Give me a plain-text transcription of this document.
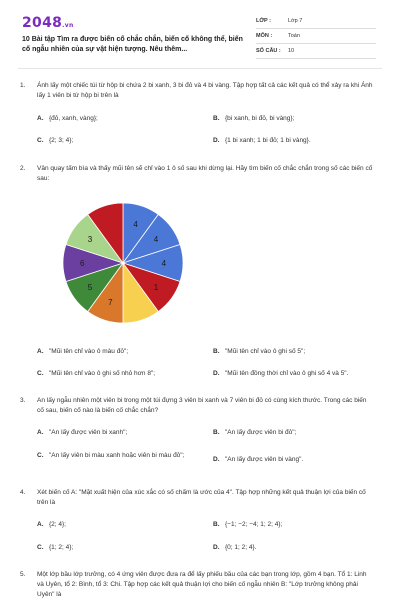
2048.vn
10 Bài tập Tìm ra được biến cố chắc chắn, biến cố không thể, biến cố ngẫu nhiên của sự vật hiện tượng. Nêu thêm...
LỚP :	Lớp 7
MÔN :	Toán
SỐ CÂU :	10
1.	Ánh lấy một chiếc túi từ hộp bi chứa 2 bi xanh, 3 bi đỏ và 4 bi vàng. Tập hợp tất cả các kết quả có thể xảy ra khi Ánh lấy 1 viên bi từ hộp bi trên là
A. {đỏ, xanh, vàng};	B. {bi xanh, bi đỏ, bi vàng};
C. {2; 3; 4};	D. {1 bi xanh; 1 bi đỏ; 1 bi vàng}.
2.	Vân quay tấm bìa và thấy mũi tên sẽ chỉ vào 1 ô số sau khi dừng lại. Hãy tìm biến cố chắc chắn trong số các biến cố sau:
4
4
4
1
7
5
6
3
A. "Mũi tên chỉ vào ô màu đỏ";	B. "Mũi tên chỉ vào ô ghi số 5";
C. "Mũi tên chỉ vào ô ghi số nhỏ hơn 8";	D. "Mũi tên đồng thời chỉ vào ô ghi số 4 và 5".
3.	An lấy ngẫu nhiên một viên bi trong một túi đựng 3 viên bi xanh và 7 viên bi đỏ có cùng kích thước. Trong các biến cố sau, biến cố nào là biến cố chắc chắn?
A. "An lấy được viên bi xanh";	B. "An lấy được viên bi đỏ";
C. "An lấy viên bi màu xanh hoặc viên bi màu đỏ";
D. "An lấy được viên bi vàng".
4.	Xét biến cố A: "Mặt xuất hiện của xúc xắc có số chấm là ước của 4". Tập hợp những kết quả thuận lợi của biến cố trên là
A. {2; 4};	B. {−1; −2; −4; 1; 2; 4};
C. {1; 2; 4};	D. {0; 1; 2; 4}.
5.	Một lớp bầu lớp trưởng, có 4 ứng viên được đưa ra để lấy phiếu bầu của các bạn trong lớp, gồm 4 bạn. Tổ 1: Linh và Uyên, tổ 2: Bình, tổ 3: Chi. Tập hợp các kết quả thuận lợi cho biến cố ngẫu nhiên B: "Lớp trưởng không phải Uyên" là
